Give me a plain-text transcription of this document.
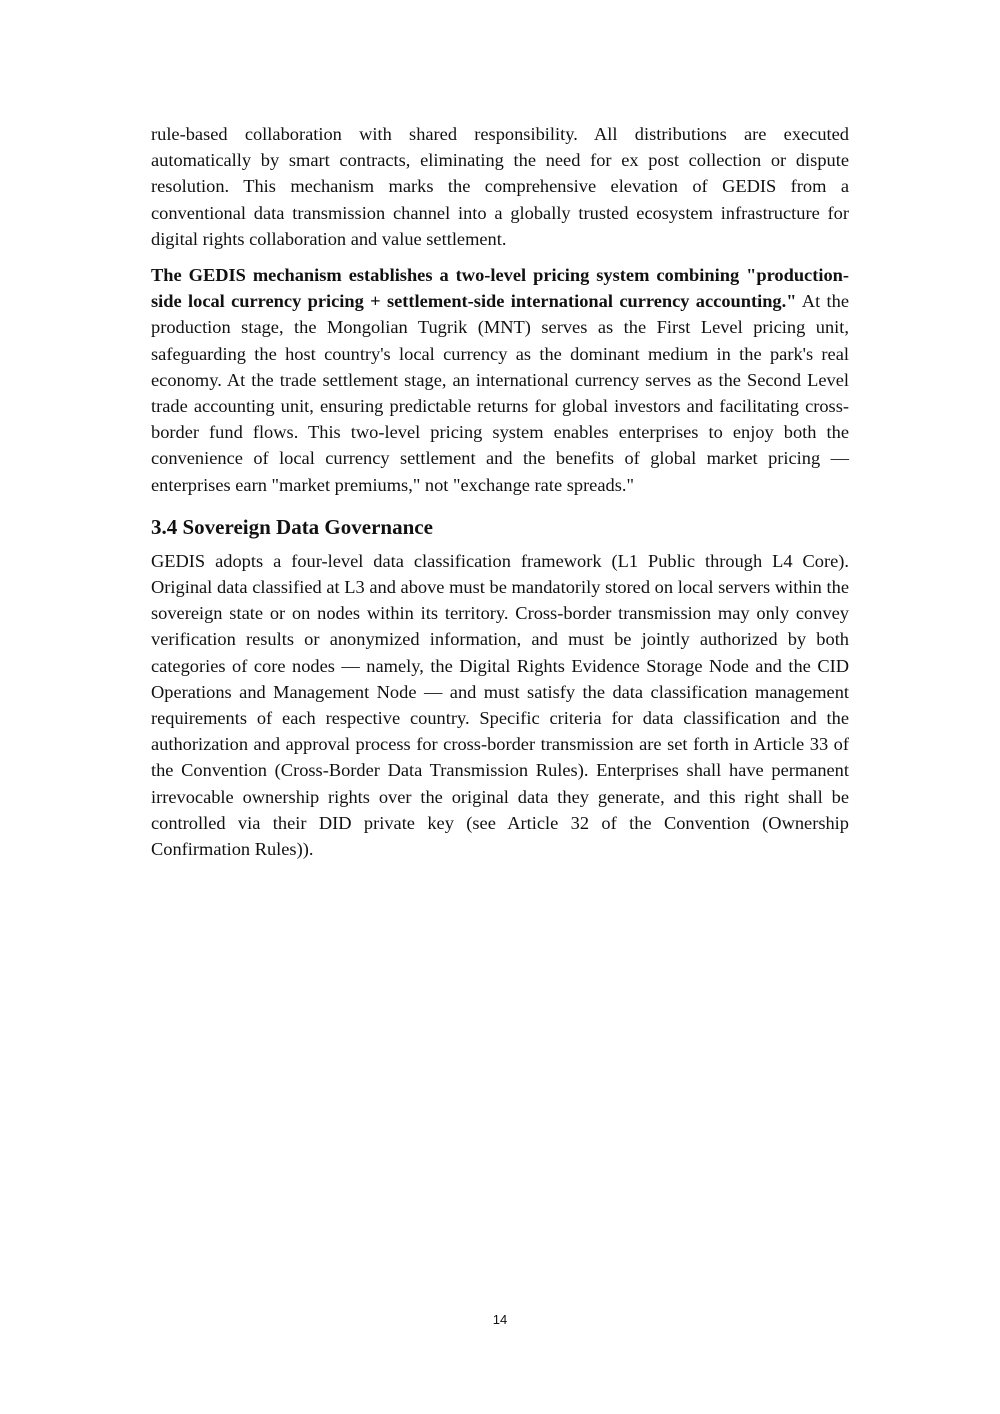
rule-based collaboration with shared responsibility. All distributions are executed automatically by smart contracts, eliminating the need for ex post collection or dispute resolution. This mechanism marks the comprehensive elevation of GEDIS from a conventional data transmission channel into a globally trusted ecosystem infrastructure for digital rights collaboration and value settlement.

The GEDIS mechanism establishes a two-level pricing system combining "production-side local currency pricing + settlement-side international currency accounting." At the production stage, the Mongolian Tugrik (MNT) serves as the First Level pricing unit, safeguarding the host country's local currency as the dominant medium in the park's real economy. At the trade settlement stage, an international currency serves as the Second Level trade accounting unit, ensuring predictable returns for global investors and facilitating cross-border fund flows. This two-level pricing system enables enterprises to enjoy both the convenience of local currency settlement and the benefits of global market pricing — enterprises earn "market premiums," not "exchange rate spreads."

3.4 Sovereign Data Governance

GEDIS adopts a four-level data classification framework (L1 Public through L4 Core). Original data classified at L3 and above must be mandatorily stored on local servers within the sovereign state or on nodes within its territory. Cross-border transmission may only convey verification results or anonymized information, and must be jointly authorized by both categories of core nodes — namely, the Digital Rights Evidence Storage Node and the CID Operations and Management Node — and must satisfy the data classification management requirements of each respective country. Specific criteria for data classification and the authorization and approval process for cross-border transmission are set forth in Article 33 of the Convention (Cross-Border Data Transmission Rules). Enterprises shall have permanent irrevocable ownership rights over the original data they generate, and this right shall be controlled via their DID private key (see Article 32 of the Convention (Ownership Confirmation Rules)).

14
